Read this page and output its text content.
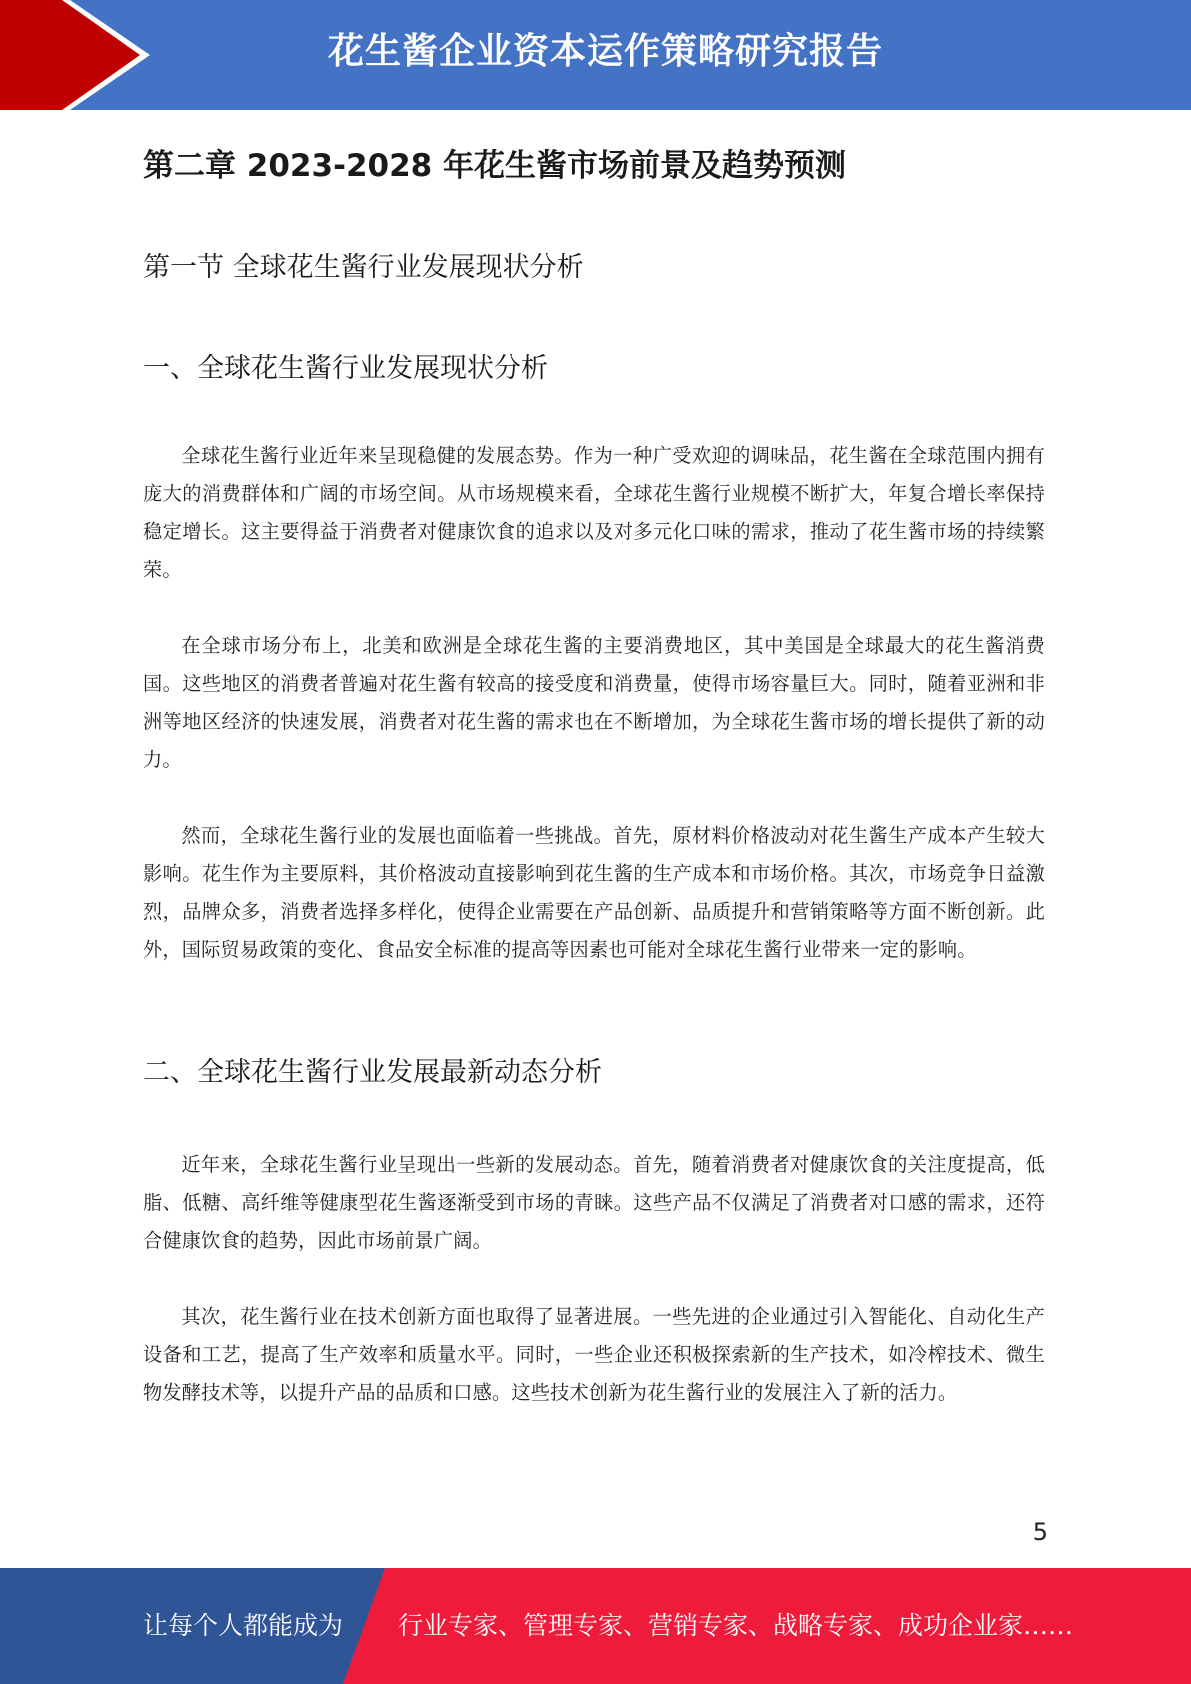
花生酱企业资本运作策略研究报告
第二章 2023-2028 年花生酱市场前景及趋势预测
第一节 全球花生酱行业发展现状分析
一、全球花生酱行业发展现状分析

全球花生酱行业近年来呈现稳健的发展态势。作为一种广受欢迎的调味品，花生酱在全球范围内拥有庞大的消费群体和广阔的市场空间。从市场规模来看，全球花生酱行业规模不断扩大，年复合增长率保持稳定增长。这主要得益于消费者对健康饮食的追求以及对多元化口味的需求，推动了花生酱市场的持续繁荣。

在全球市场分布上，北美和欧洲是全球花生酱的主要消费地区，其中美国是全球最大的花生酱消费国。这些地区的消费者普遍对花生酱有较高的接受度和消费量，使得市场容量巨大。同时，随着亚洲和非洲等地区经济的快速发展，消费者对花生酱的需求也在不断增加，为全球花生酱市场的增长提供了新的动力。

然而，全球花生酱行业的发展也面临着一些挑战。首先，原材料价格波动对花生酱生产成本产生较大影响。花生作为主要原料，其价格波动直接影响到花生酱的生产成本和市场价格。其次，市场竞争日益激烈，品牌众多，消费者选择多样化，使得企业需要在产品创新、品质提升和营销策略等方面不断创新。此外，国际贸易政策的变化、食品安全标准的提高等因素也可能对全球花生酱行业带来一定的影响。

二、全球花生酱行业发展最新动态分析

近年来，全球花生酱行业呈现出一些新的发展动态。首先，随着消费者对健康饮食的关注度提高，低脂、低糖、高纤维等健康型花生酱逐渐受到市场的青睐。这些产品不仅满足了消费者对口感的需求，还符合健康饮食的趋势，因此市场前景广阔。

其次，花生酱行业在技术创新方面也取得了显著进展。一些先进的企业通过引入智能化、自动化生产设备和工艺，提高了生产效率和质量水平。同时，一些企业还积极探索新的生产技术，如冷榨技术、微生物发酵技术等，以提升产品的品质和口感。这些技术创新为花生酱行业的发展注入了新的活力。

5
让每个人都能成为 行业专家、管理专家、营销专家、战略专家、成功企业家……
